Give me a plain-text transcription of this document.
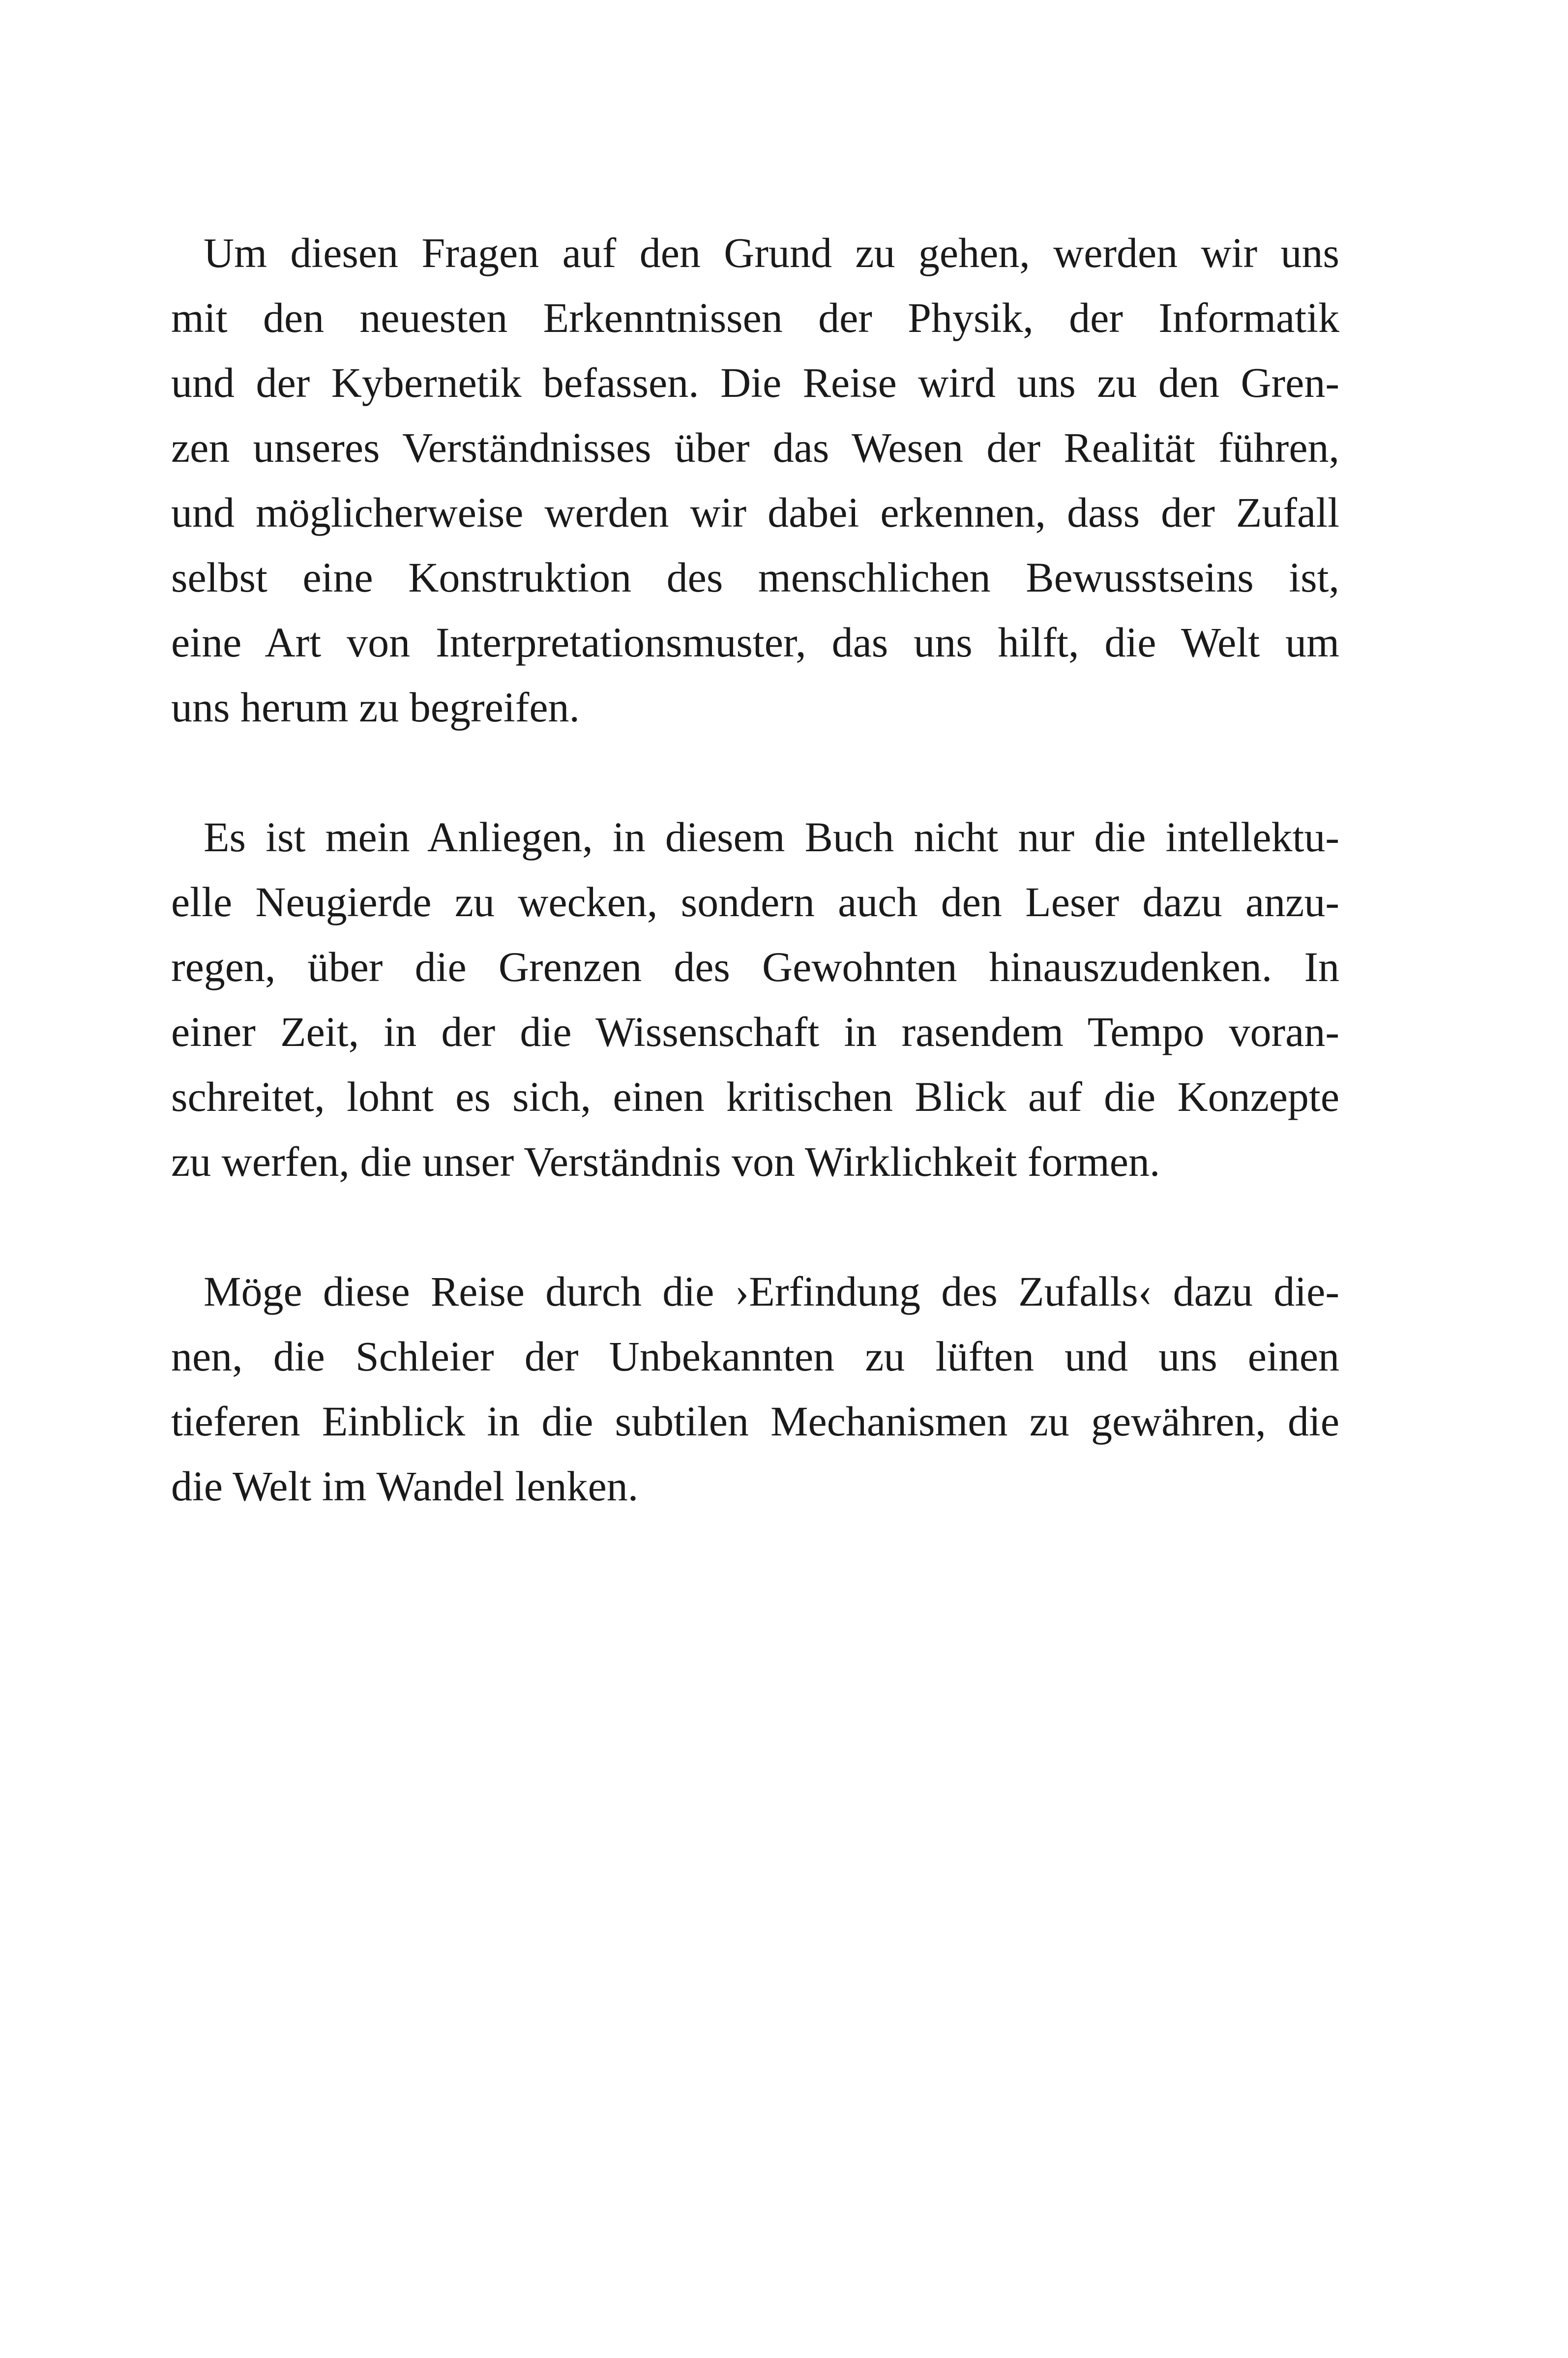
Um diesen Fragen auf den Grund zu gehen, werden wir uns
mit den neuesten Erkenntnissen der Physik, der Informatik
und der Kybernetik befassen. Die Reise wird uns zu den Gren-
zen unseres Verständnisses über das Wesen der Realität führen,
und möglicherweise werden wir dabei erkennen, dass der Zufall
selbst eine Konstruktion des menschlichen Bewusstseins ist,
eine Art von Interpretationsmuster, das uns hilft, die Welt um
uns herum zu begreifen.

Es ist mein Anliegen, in diesem Buch nicht nur die intellektu-
elle Neugierde zu wecken, sondern auch den Leser dazu anzu-
regen, über die Grenzen des Gewohnten hinauszudenken. In
einer Zeit, in der die Wissenschaft in rasendem Tempo voran-
schreitet, lohnt es sich, einen kritischen Blick auf die Konzepte
zu werfen, die unser Verständnis von Wirklichkeit formen.

Möge diese Reise durch die ›Erfindung des Zufalls‹ dazu die-
nen, die Schleier der Unbekannten zu lüften und uns einen
tieferen Einblick in die subtilen Mechanismen zu gewähren, die
die Welt im Wandel lenken.
